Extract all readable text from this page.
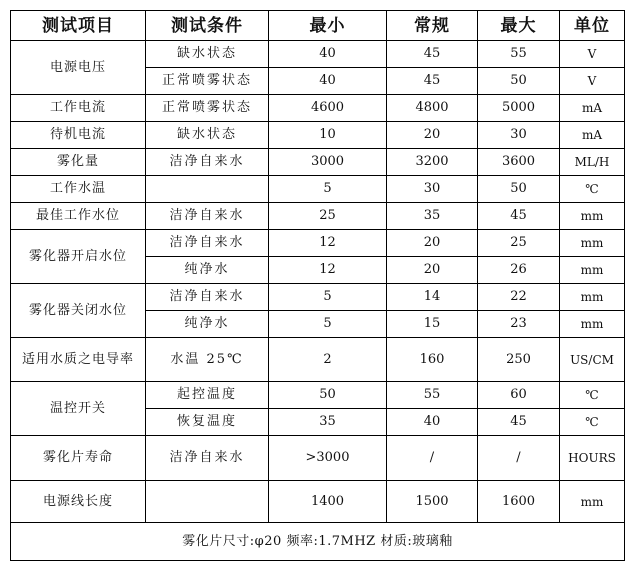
测试项目	测试条件	最小	常规	最大	单位
电源电压	缺水状态	40	45	55	V
	正常喷雾状态	40	45	50	V
工作电流	正常喷雾状态	4600	4800	5000	mA
待机电流	缺水状态	10	20	30	mA
雾化量	洁净自来水	3000	3200	3600	ML/H
工作水温		5	30	50	℃
最佳工作水位	洁净自来水	25	35	45	mm
雾化器开启水位	洁净自来水	12	20	25	mm
	纯净水	12	20	26	mm
雾化器关闭水位	洁净自来水	5	14	22	mm
	纯净水	5	15	23	mm
适用水质之电导率	水温 25℃	2	160	250	US/CM
温控开关	起控温度	50	55	60	℃
	恢复温度	35	40	45	℃
雾化片寿命	洁净自来水	>3000	/	/	HOURS
电源线长度		1400	1500	1600	mm
雾化片尺寸:φ20 频率:1.7MHZ 材质:玻璃釉					
